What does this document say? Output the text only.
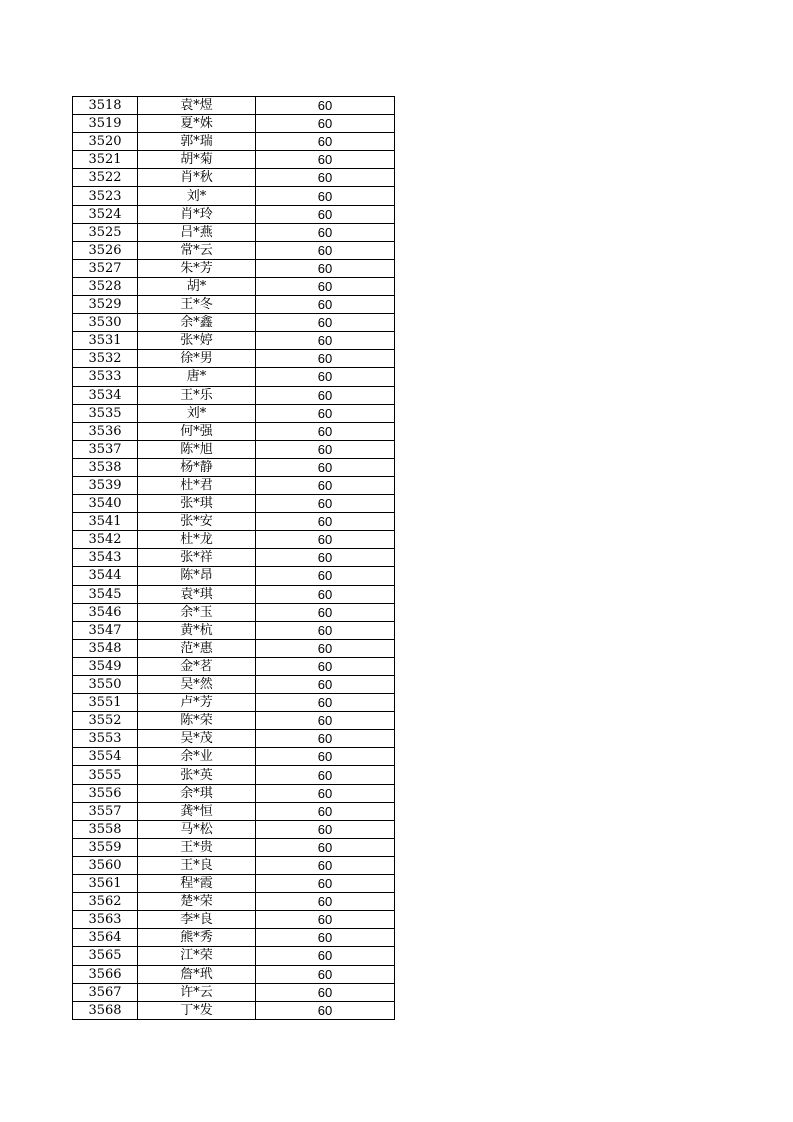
3518	袁*煜	60
3519	夏*姝	60
3520	郭*瑞	60
3521	胡*菊	60
3522	肖*秋	60
3523	刘*	60
3524	肖*玲	60
3525	吕*燕	60
3526	常*云	60
3527	朱*芳	60
3528	胡*	60
3529	王*冬	60
3530	余*鑫	60
3531	张*婷	60
3532	徐*男	60
3533	唐*	60
3534	王*乐	60
3535	刘*	60
3536	何*强	60
3537	陈*旭	60
3538	杨*静	60
3539	杜*君	60
3540	张*琪	60
3541	张*安	60
3542	杜*龙	60
3543	张*祥	60
3544	陈*昂	60
3545	袁*琪	60
3546	余*玉	60
3547	黄*杭	60
3548	范*惠	60
3549	金*茗	60
3550	吴*然	60
3551	卢*芳	60
3552	陈*荣	60
3553	吴*茂	60
3554	余*业	60
3555	张*英	60
3556	余*琪	60
3557	龚*恒	60
3558	马*松	60
3559	王*贵	60
3560	王*良	60
3561	程*霞	60
3562	楚*荣	60
3563	李*良	60
3564	熊*秀	60
3565	江*荣	60
3566	詹*玳	60
3567	许*云	60
3568	丁*发	60
